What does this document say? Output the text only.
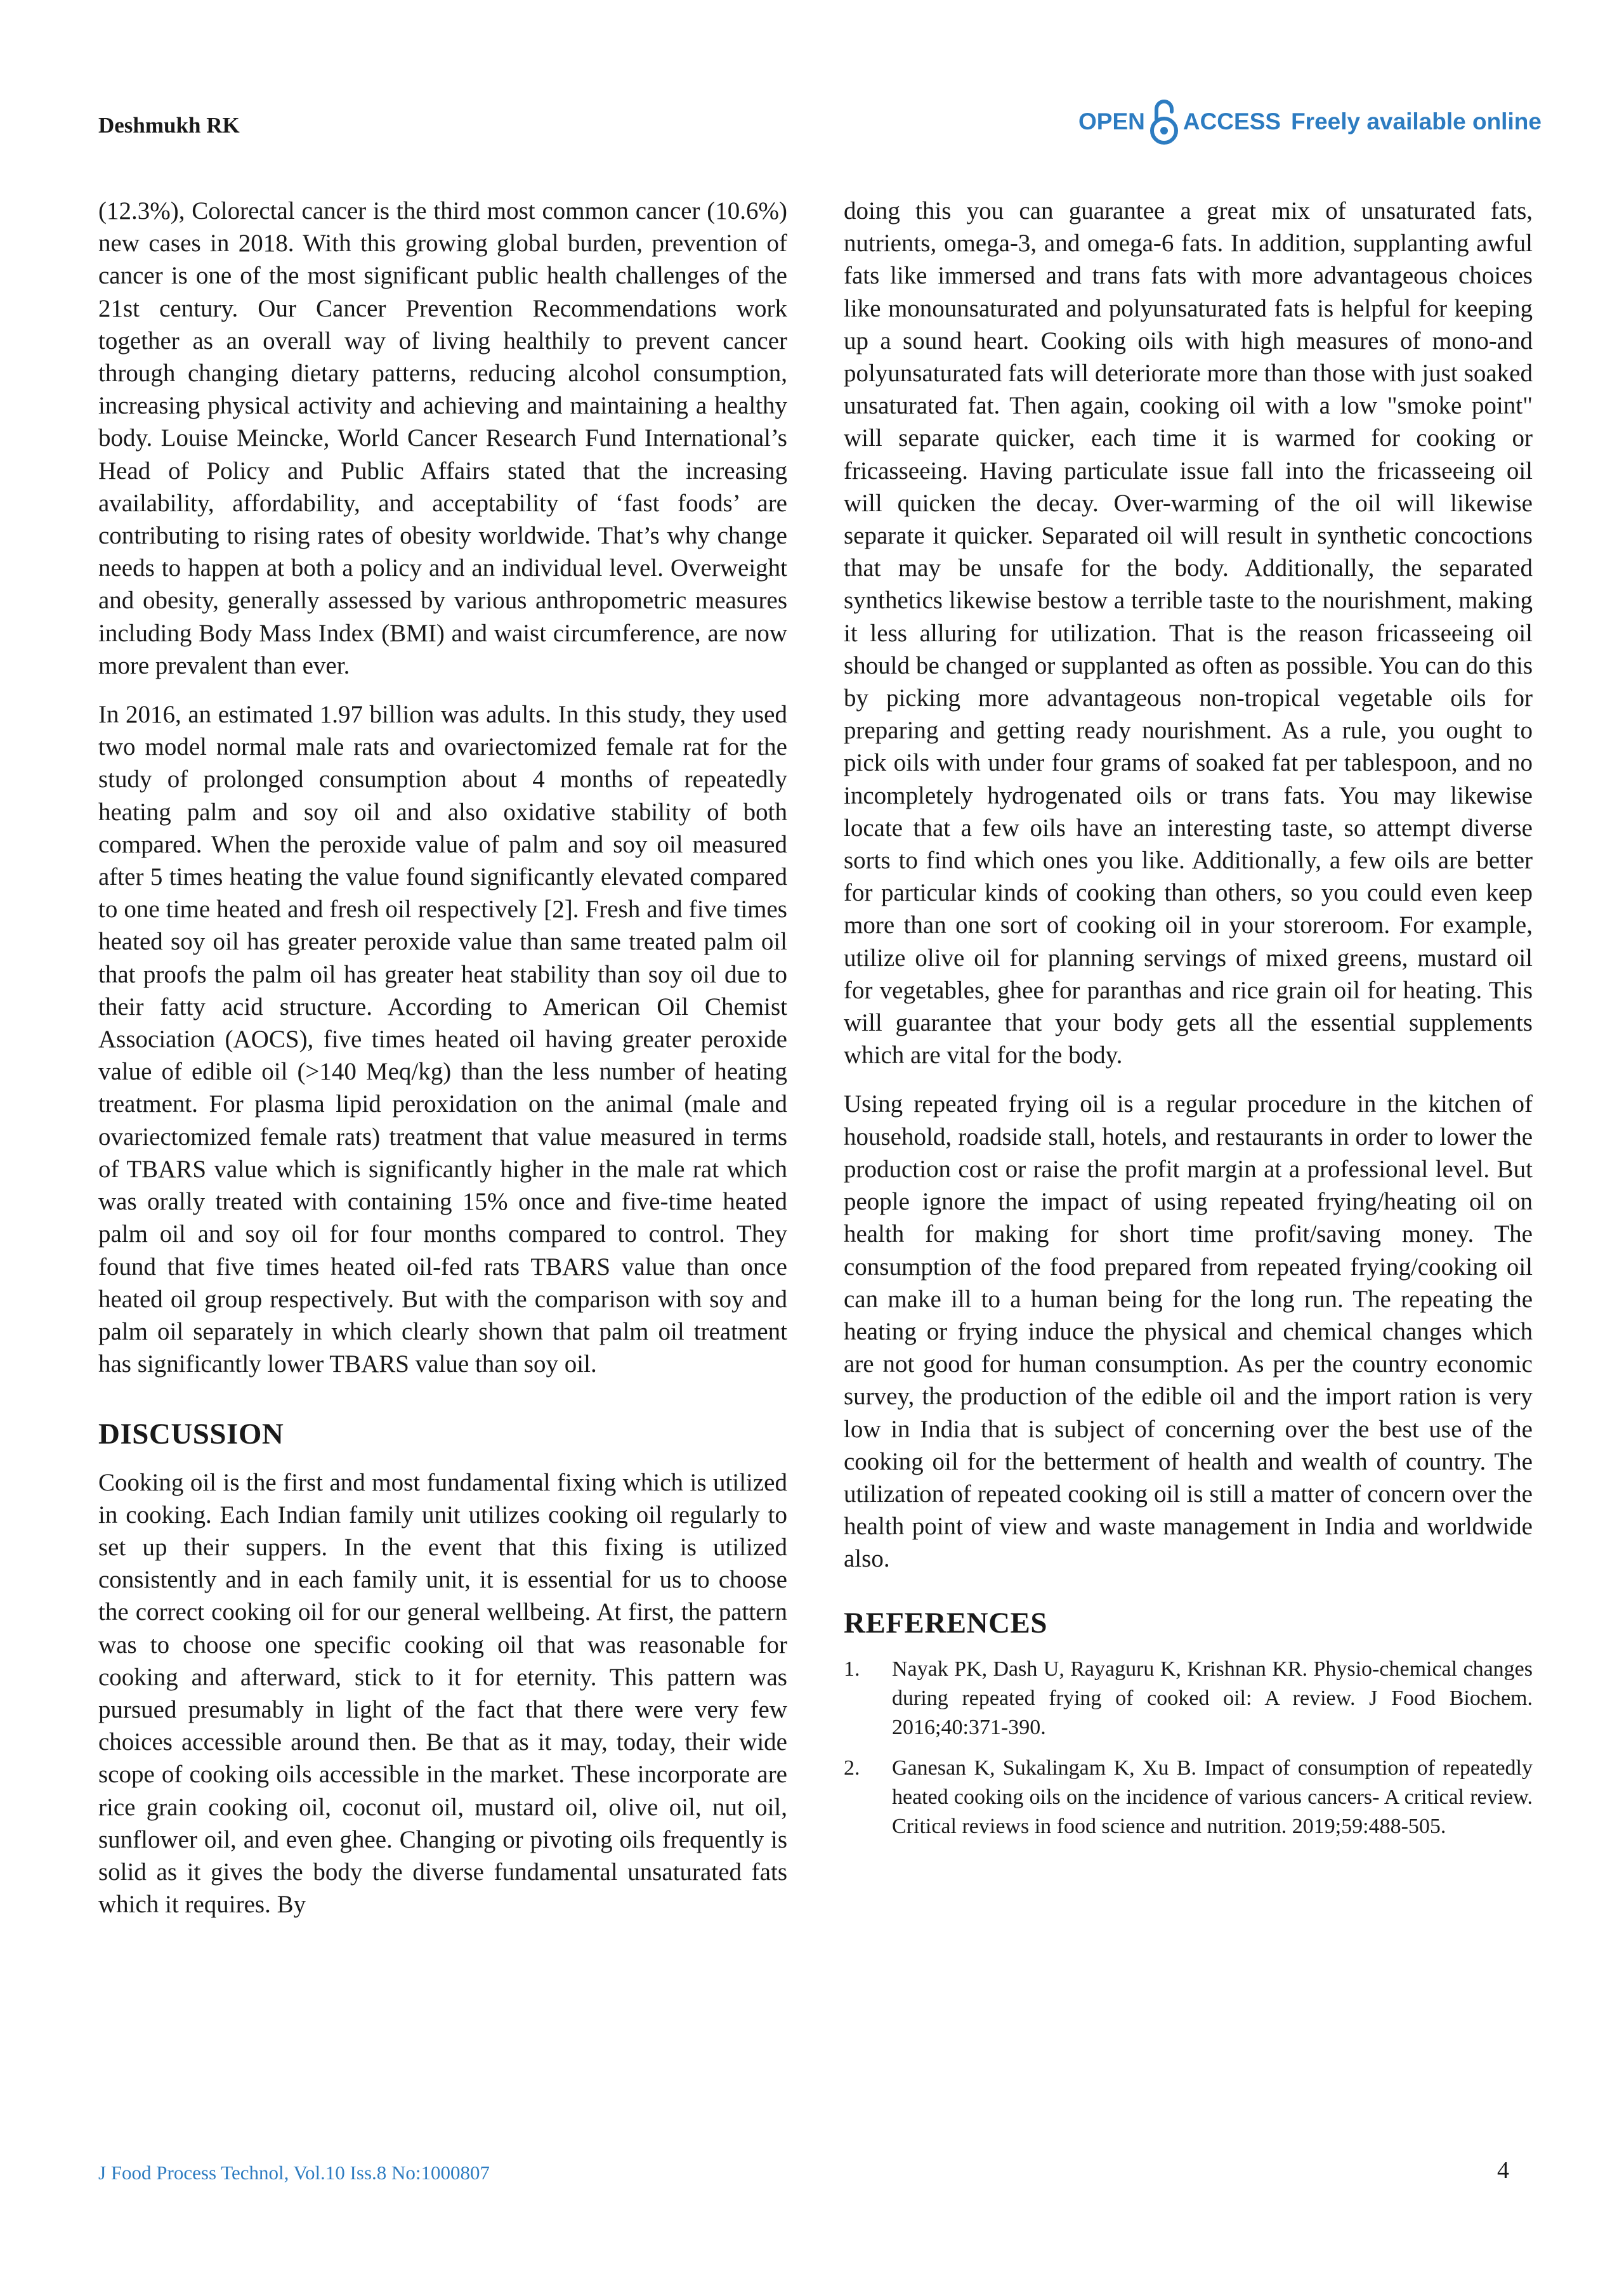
Deshmukh RK	OPEN ACCESS Freely available online

(12.3%), Colorectal cancer is the third most common cancer (10.6%) new cases in 2018. With this growing global burden, prevention of cancer is one of the most significant public health challenges of the 21st century. Our Cancer Prevention Recommendations work together as an overall way of living healthily to prevent cancer through changing dietary patterns, reducing alcohol consumption, increasing physical activity and achieving and maintaining a healthy body. Louise Meincke, World Cancer Research Fund International’s Head of Policy and Public Affairs stated that the increasing availability, affordability, and acceptability of ‘fast foods’ are contributing to rising rates of obesity worldwide. That’s why change needs to happen at both a policy and an individual level. Overweight and obesity, generally assessed by various anthropometric measures including Body Mass Index (BMI) and waist circumference, are now more prevalent than ever.

In 2016, an estimated 1.97 billion was adults. In this study, they used two model normal male rats and ovariectomized female rat for the study of prolonged consumption about 4 months of repeatedly heating palm and soy oil and also oxidative stability of both compared. When the peroxide value of palm and soy oil measured after 5 times heating the value found significantly elevated compared to one time heated and fresh oil respectively [2]. Fresh and five times heated soy oil has greater peroxide value than same treated palm oil that proofs the palm oil has greater heat stability than soy oil due to their fatty acid structure. According to American Oil Chemist Association (AOCS), five times heated oil having greater peroxide value of edible oil (>140 Meq/kg) than the less number of heating treatment. For plasma lipid peroxidation on the animal (male and ovariectomized female rats) treatment that value measured in terms of TBARS value which is significantly higher in the male rat which was orally treated with containing 15% once and five-time heated palm oil and soy oil for four months compared to control. They found that five times heated oil-fed rats TBARS value than once heated oil group respectively. But with the comparison with soy and palm oil separately in which clearly shown that palm oil treatment has significantly lower TBARS value than soy oil.

DISCUSSION

Cooking oil is the first and most fundamental fixing which is utilized in cooking. Each Indian family unit utilizes cooking oil regularly to set up their suppers. In the event that this fixing is utilized consistently and in each family unit, it is essential for us to choose the correct cooking oil for our general wellbeing. At first, the pattern was to choose one specific cooking oil that was reasonable for cooking and afterward, stick to it for eternity. This pattern was pursued presumably in light of the fact that there were very few choices accessible around then. Be that as it may, today, their wide scope of cooking oils accessible in the market. These incorporate are rice grain cooking oil, coconut oil, mustard oil, olive oil, nut oil, sunflower oil, and even ghee. Changing or pivoting oils frequently is solid as it gives the body the diverse fundamental unsaturated fats which it requires. By

doing this you can guarantee a great mix of unsaturated fats, nutrients, omega-3, and omega-6 fats. In addition, supplanting awful fats like immersed and trans fats with more advantageous choices like monounsaturated and polyunsaturated fats is helpful for keeping up a sound heart. Cooking oils with high measures of mono-and polyunsaturated fats will deteriorate more than those with just soaked unsaturated fat. Then again, cooking oil with a low "smoke point" will separate quicker, each time it is warmed for cooking or fricasseeing. Having particulate issue fall into the fricasseeing oil will quicken the decay. Over-warming of the oil will likewise separate it quicker. Separated oil will result in synthetic concoctions that may be unsafe for the body. Additionally, the separated synthetics likewise bestow a terrible taste to the nourishment, making it less alluring for utilization. That is the reason fricasseeing oil should be changed or supplanted as often as possible. You can do this by picking more advantageous non-tropical vegetable oils for preparing and getting ready nourishment. As a rule, you ought to pick oils with under four grams of soaked fat per tablespoon, and no incompletely hydrogenated oils or trans fats. You may likewise locate that a few oils have an interesting taste, so attempt diverse sorts to find which ones you like. Additionally, a few oils are better for particular kinds of cooking than others, so you could even keep more than one sort of cooking oil in your storeroom. For example, utilize olive oil for planning servings of mixed greens, mustard oil for vegetables, ghee for paranthas and rice grain oil for heating. This will guarantee that your body gets all the essential supplements which are vital for the body.

Using repeated frying oil is a regular procedure in the kitchen of household, roadside stall, hotels, and restaurants in order to lower the production cost or raise the profit margin at a professional level. But people ignore the impact of using repeated frying/heating oil on health for making for short time profit/saving money. The consumption of the food prepared from repeated frying/cooking oil can make ill to a human being for the long run. The repeating the heating or frying induce the physical and chemical changes which are not good for human consumption. As per the country economic survey, the production of the edible oil and the import ration is very low in India that is subject of concerning over the best use of the cooking oil for the betterment of health and wealth of country. The utilization of repeated cooking oil is still a matter of concern over the health point of view and waste management in India and worldwide also.

REFERENCES
1.	Nayak PK, Dash U, Rayaguru K, Krishnan KR. Physio-chemical changes during repeated frying of cooked oil: A review. J Food Biochem. 2016;40:371-390.
2.	Ganesan K, Sukalingam K, Xu B. Impact of consumption of repeatedly heated cooking oils on the incidence of various cancers- A critical review. Critical reviews in food science and nutrition. 2019;59:488-505.
J Food Process Technol, Vol.10 Iss.8 No:1000807	4
